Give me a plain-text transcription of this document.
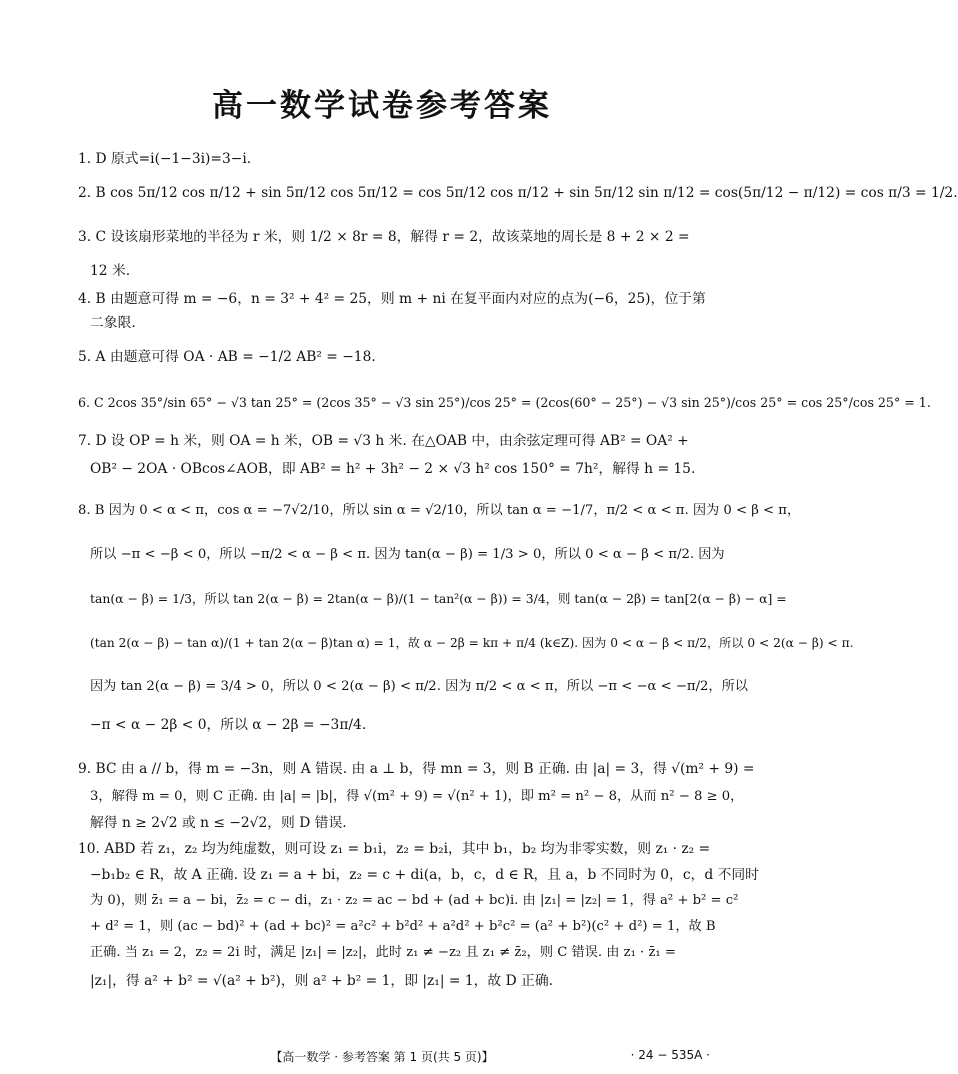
高一数学试卷参考答案
1. D 原式=i(−1−3i)=3−i.
2. B cos 5π/12 cos π/12 + sin 5π/12 cos 5π/12 = cos 5π/12 cos π/12 + sin 5π/12 sin π/12 = cos(5π/12 − π/12) = cos π/3 = 1/2.
3. C 设该扇形菜地的半径为 r 米，则 1/2 × 8r = 8，解得 r = 2，故该菜地的周长是 8 + 2 × 2 =
12 米.
4. B 由题意可得 m = −6，n = 3² + 4² = 25，则 m + ni 在复平面内对应的点为(−6，25)，位于第
二象限.
5. A 由题意可得 OA · AB = −1/2 AB² = −18.
6. C 2cos 35°/sin 65° − √3 tan 25° = (2cos 35° − √3 sin 25°)/cos 25° = (2cos(60° − 25°) − √3 sin 25°)/cos 25° = cos 25°/cos 25° = 1.
7. D 设 OP = h 米，则 OA = h 米，OB = √3 h 米. 在△OAB 中，由余弦定理可得 AB² = OA² +
OB² − 2OA · OBcos∠AOB，即 AB² = h² + 3h² − 2 × √3 h² cos 150° = 7h²，解得 h = 15.
8. B 因为 0 < α < π，cos α = −7√2/10，所以 sin α = √2/10，所以 tan α = −1/7，π/2 < α < π. 因为 0 < β < π，
所以 −π < −β < 0，所以 −π/2 < α − β < π. 因为 tan(α − β) = 1/3 > 0，所以 0 < α − β < π/2. 因为
tan(α − β) = 1/3，所以 tan 2(α − β) = 2tan(α − β)/(1 − tan²(α − β)) = 3/4，则 tan(α − 2β) = tan[2(α − β) − α] =
(tan 2(α − β) − tan α)/(1 + tan 2(α − β)tan α) = 1，故 α − 2β = kπ + π/4 (k∈Z). 因为 0 < α − β < π/2，所以 0 < 2(α − β) < π.
因为 tan 2(α − β) = 3/4 > 0，所以 0 < 2(α − β) < π/2. 因为 π/2 < α < π，所以 −π < −α < −π/2，所以
−π < α − 2β < 0，所以 α − 2β = −3π/4.
9. BC 由 a // b，得 m = −3n，则 A 错误. 由 a ⊥ b，得 mn = 3，则 B 正确. 由 |a| = 3，得 √(m² + 9) =
3，解得 m = 0，则 C 正确. 由 |a| = |b|，得 √(m² + 9) = √(n² + 1)，即 m² = n² − 8，从而 n² − 8 ≥ 0，
解得 n ≥ 2√2 或 n ≤ −2√2，则 D 错误.
10. ABD 若 z₁，z₂ 均为纯虚数，则可设 z₁ = b₁i，z₂ = b₂i，其中 b₁，b₂ 均为非零实数，则 z₁ · z₂ =
−b₁b₂ ∈ R，故 A 正确. 设 z₁ = a + bi，z₂ = c + di(a，b，c，d ∈ R，且 a，b 不同时为 0，c，d 不同时
为 0)，则 z̄₁ = a − bi，z̄₂ = c − di，z₁ · z₂ = ac − bd + (ad + bc)i. 由 |z₁| = |z₂| = 1，得 a² + b² = c²
+ d² = 1，则 (ac − bd)² + (ad + bc)² = a²c² + b²d² + a²d² + b²c² = (a² + b²)(c² + d²) = 1，故 B
正确. 当 z₁ = 2，z₂ = 2i 时，满足 |z₁| = |z₂|，此时 z₁ ≠ −z₂ 且 z₁ ≠ z̄₂，则 C 错误. 由 z₁ · z̄₁ =
|z₁|，得 a² + b² = √(a² + b²)，则 a² + b² = 1，即 |z₁| = 1，故 D 正确.
【高一数学 · 参考答案 第 1 页(共 5 页)】	· 24 − 535A ·
